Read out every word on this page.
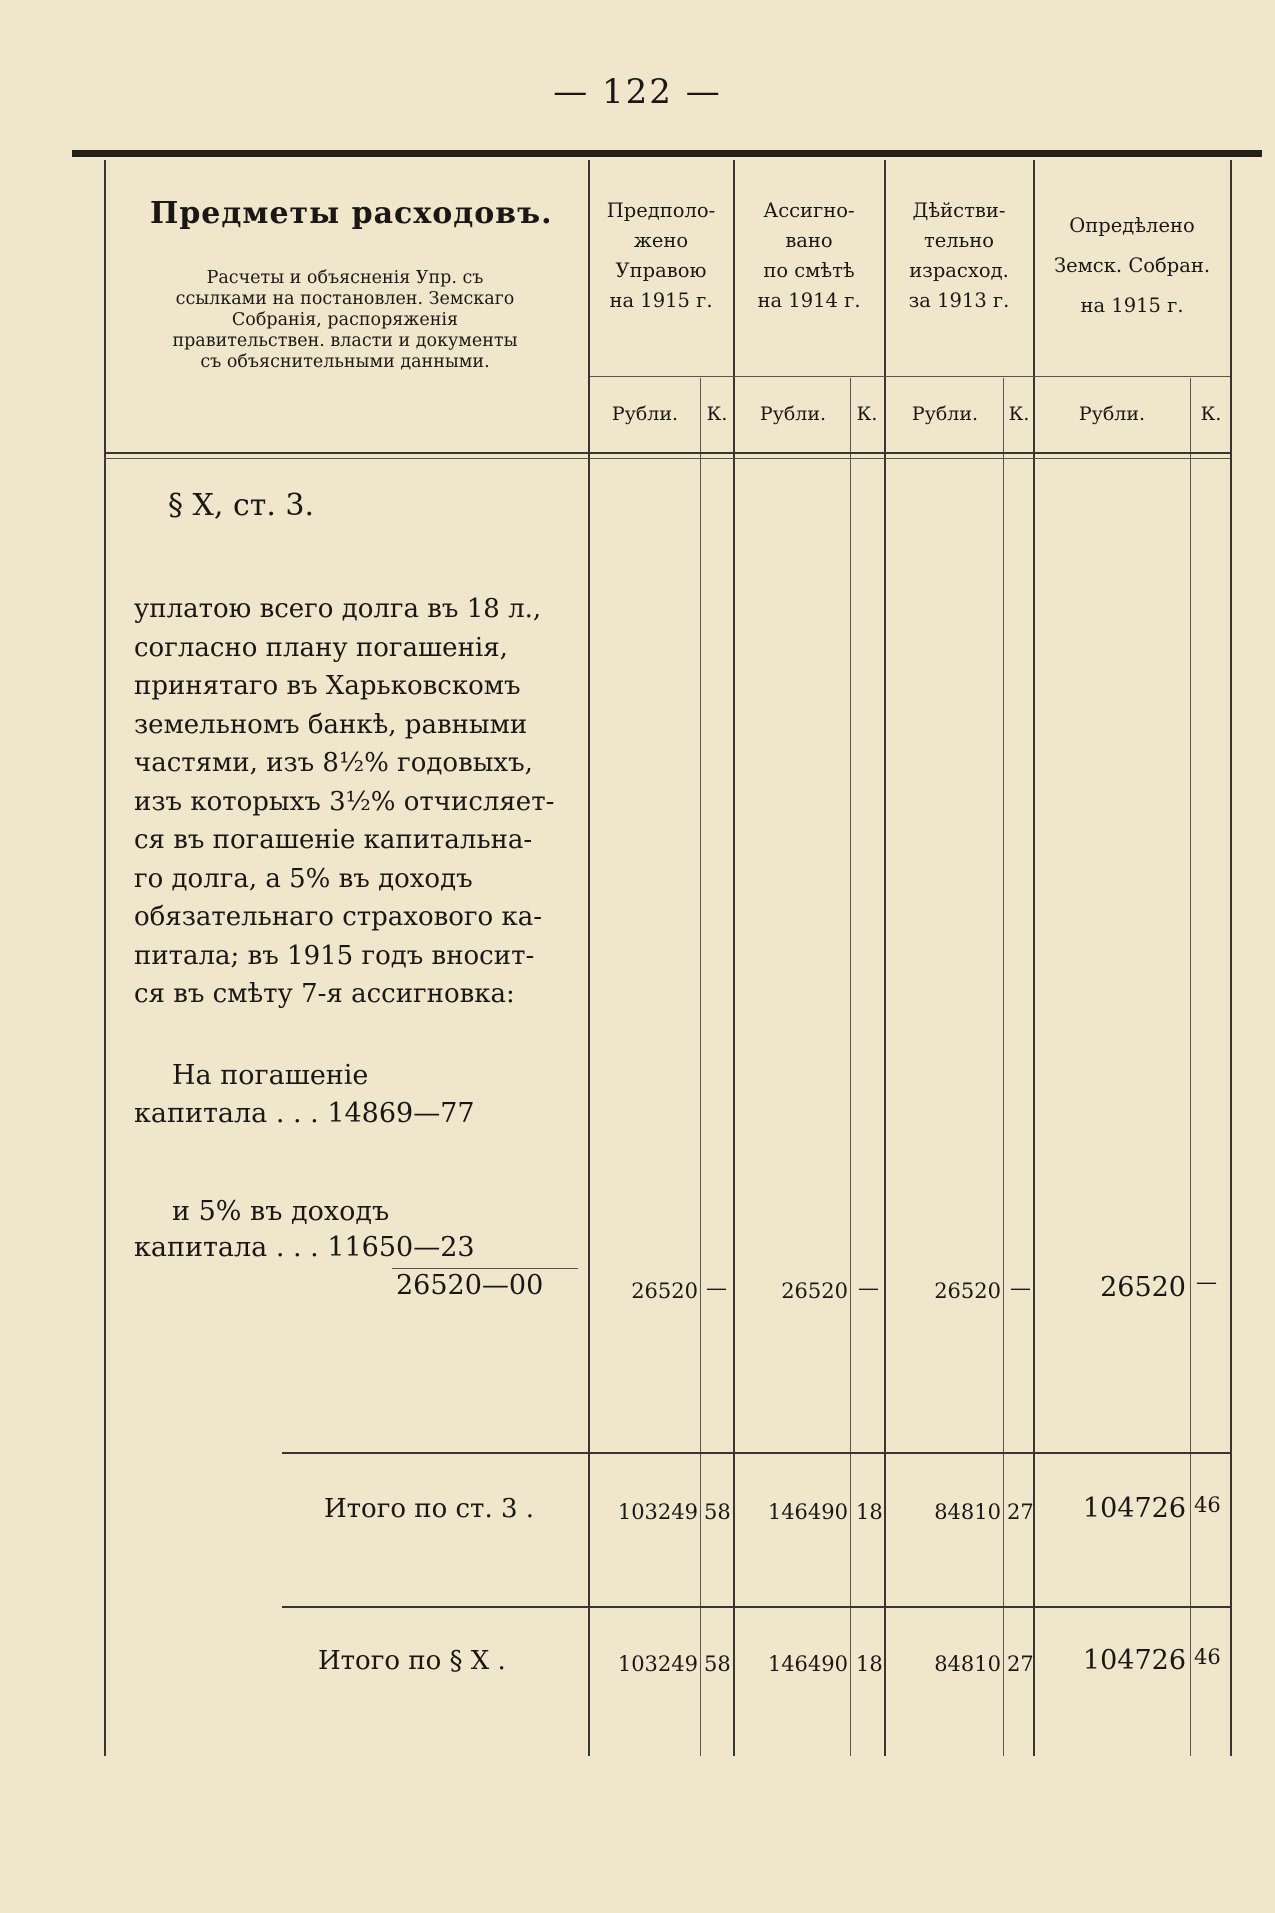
— 122 —
Предметы расходовъ.
Расчеты и объясненія Упр. съ ссылками на постановлен. Земскаго Собранія, распоряженія правительствен. власти и документы съ объяснительными данными.
Предполо-
жено
Управою
на 1915 г.
Ассигно-
вано
по смѣтѣ
на 1914 г.
Дѣйстви-
тельно
израсход.
за 1913 г.
Опредѣлено
Земск. Собран.
на 1915 г.
Рубли.	К.	Рубли.	К.	Рубли.	К.	Рубли.	К.
§ X, ст. 3.
уплатою всего долга въ 18 л.,
согласно плану погашенія,
принятаго въ Харьковскомъ
земельномъ банкѣ, равными
частями, изъ 8½% годовыхъ,
изъ которыхъ 3½% отчисляет-
ся въ погашеніе капитальна-
го долга, а 5% въ доходъ
обязательнаго страхового ка-
питала; въ 1915 годъ вносит-
ся въ смѣту 7-я ассигновка:
На погашеніе
капитала . . . 14869—77
и 5% въ доходъ
капитала . . . 11650—23
26520—00	26520 —	26520 —	26520 —	26520 —
Итого по ст. 3 .	103249 58	146490 18	84810 27	104726 46
Итого по § X .	103249 58	146490 18	84810 27	104726 46
